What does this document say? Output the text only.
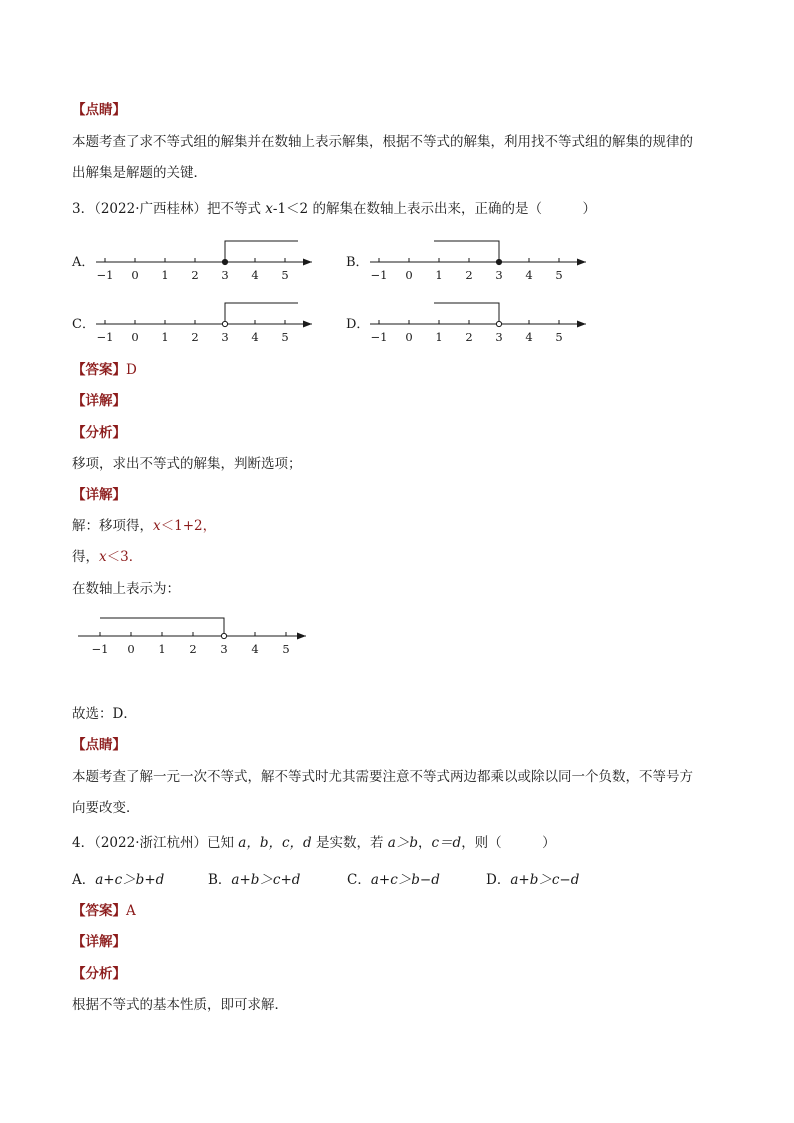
【点睛】
本题考查了求不等式组的解集并在数轴上表示解集，根据不等式的解集，利用找不等式组的解集的规律的
出解集是解题的关键．
3．（2022·广西桂林）把不等式 x-1＜2 的解集在数轴上表示出来，正确的是（　　　）
A．
−1 0 1 2 3 4 5
B．
−1 0 1 2 3 4 5
C．
−1 0 1 2 3 4 5
D．
−1 0 1 2 3 4 5
【答案】D
【详解】
【分析】
移项，求出不等式的解集，判断选项；
【详解】
解：移项得，x＜1+2，
得，x＜3．
在数轴上表示为：
−1 0 1 2 3 4 5
故选：D．
【点睛】
本题考查了解一元一次不等式，解不等式时尤其需要注意不等式两边都乘以或除以同一个负数，不等号方
向要改变．
4．（2022·浙江杭州）已知 a，b，c，d 是实数，若 a＞b，c＝d，则（　　　）
A．a+c＞b+d	B．a+b＞c+d	C．a+c＞b−d	D．a+b＞c−d
【答案】A
【详解】
【分析】
根据不等式的基本性质，即可求解．
